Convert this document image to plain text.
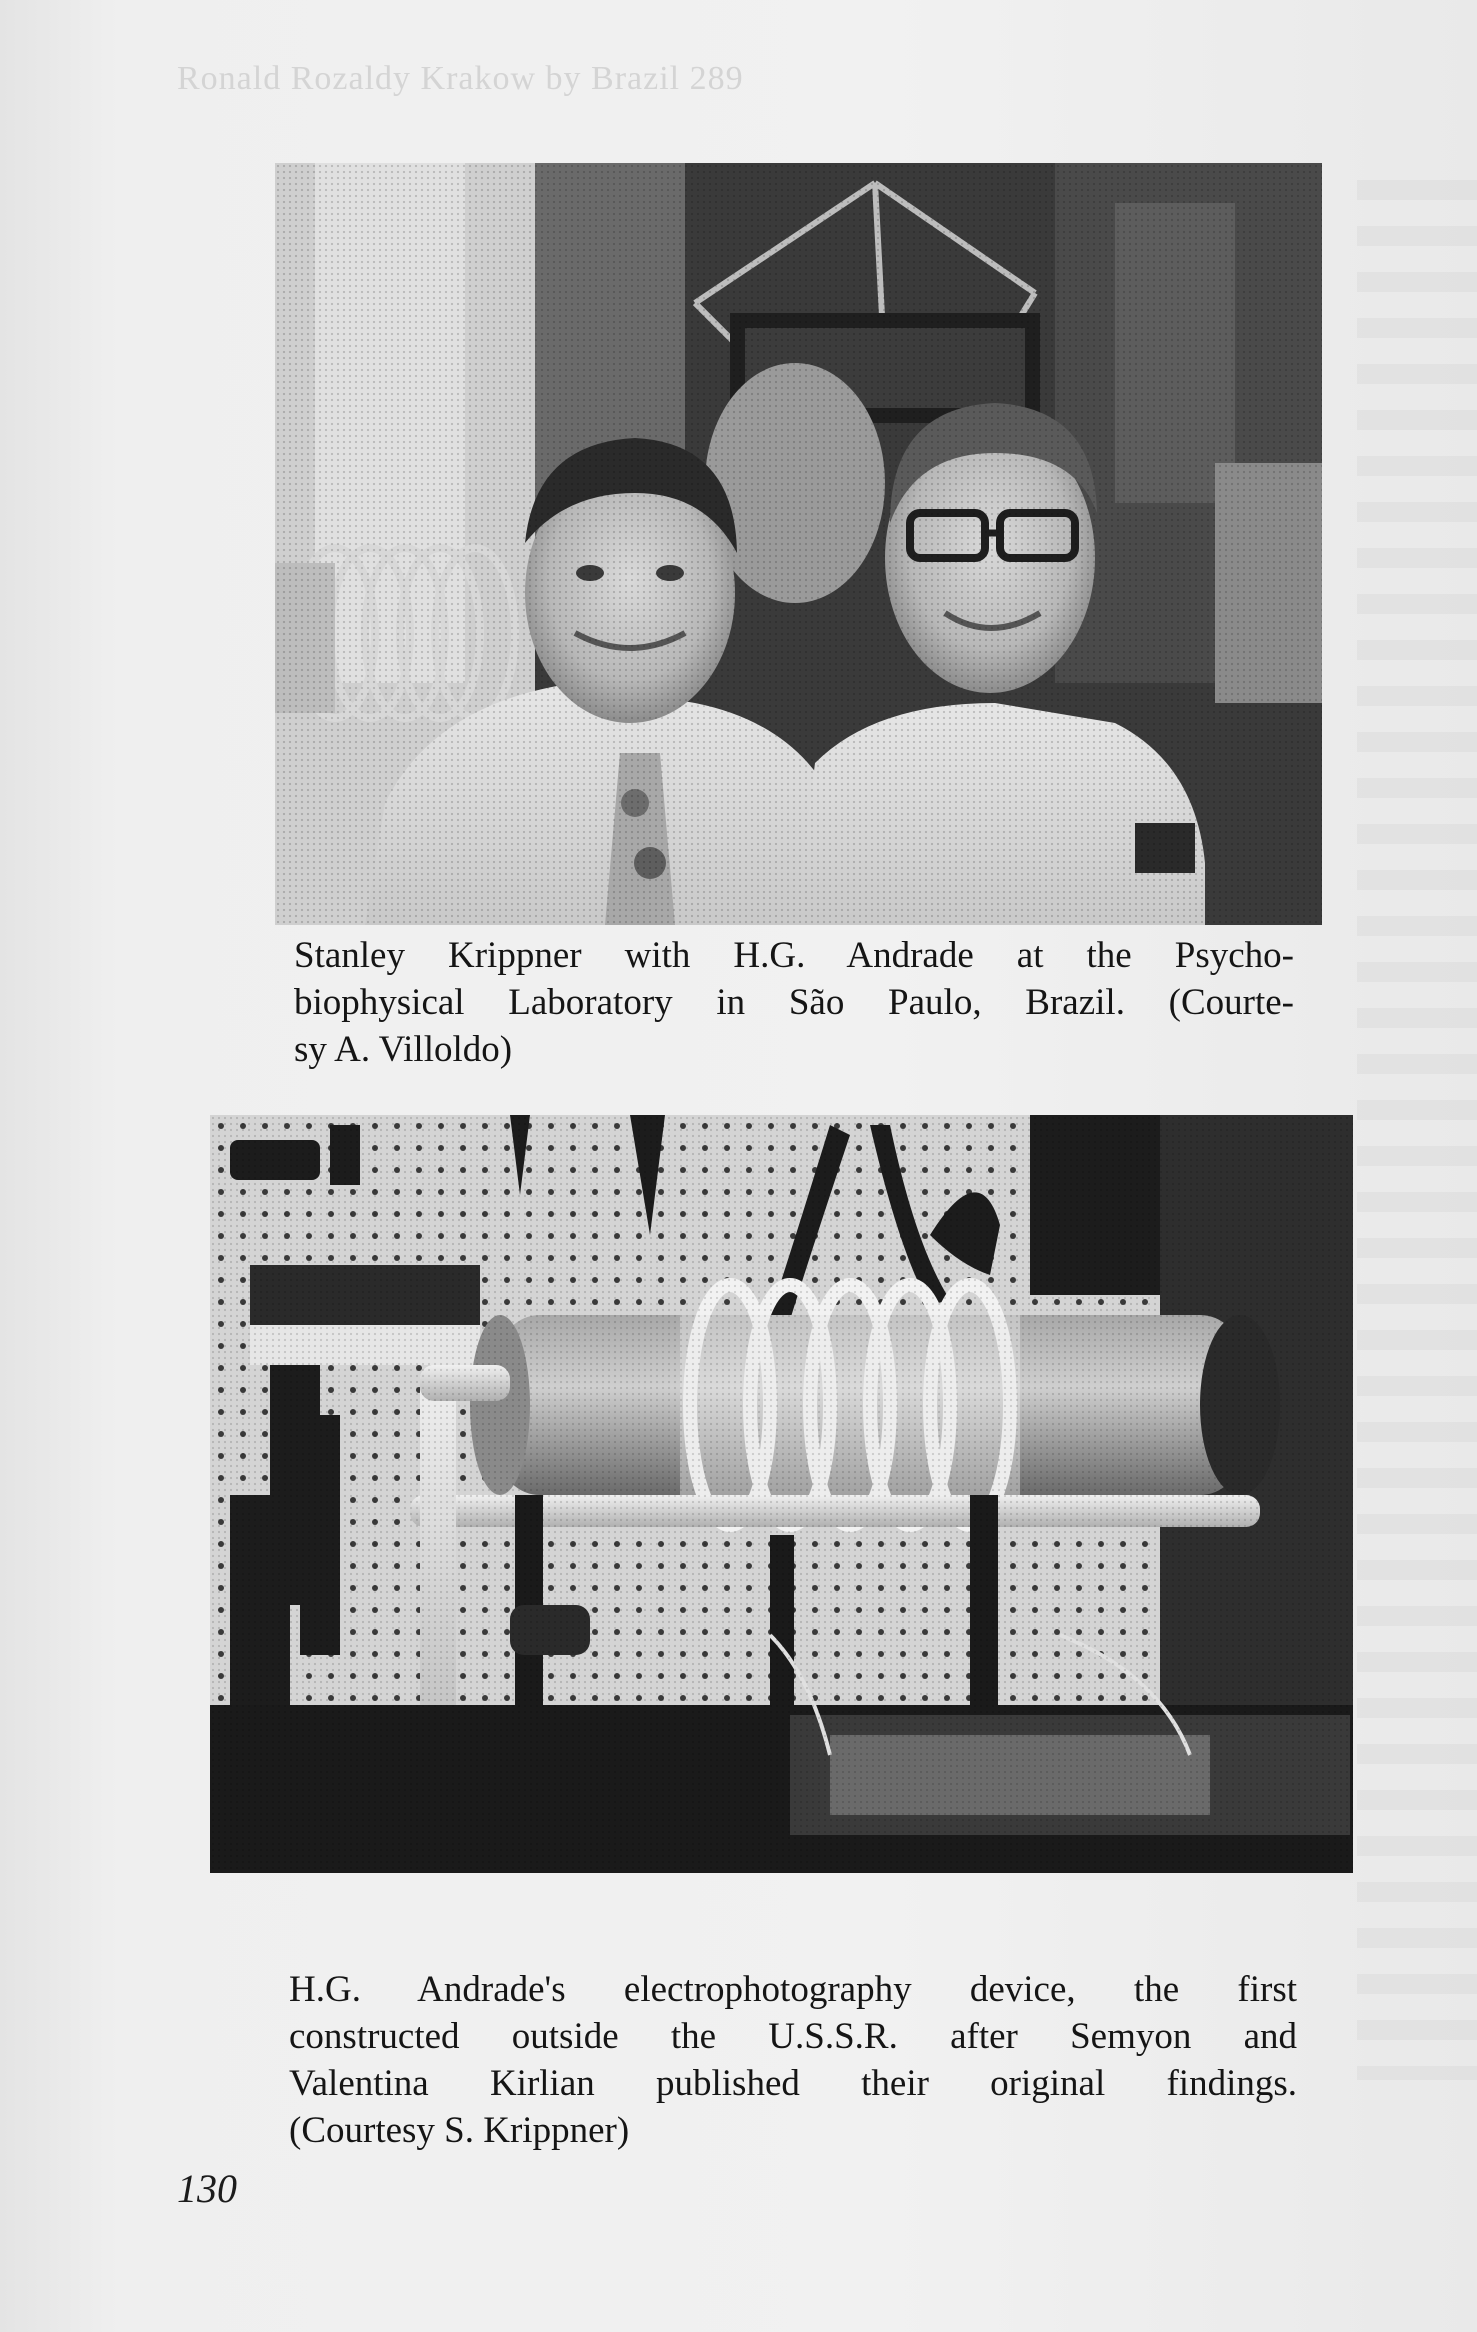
Ronald Rozaldy Krakow by Brazil 289
Stanley Krippner with H.G. Andrade at the Psycho-
biophysical Laboratory in São Paulo, Brazil. (Courte-
sy A. Villoldo)
H.G. Andrade's electrophotography device, the first
constructed outside the U.S.S.R. after Semyon and
Valentina Kirlian published their original findings.
(Courtesy S. Krippner)
130
